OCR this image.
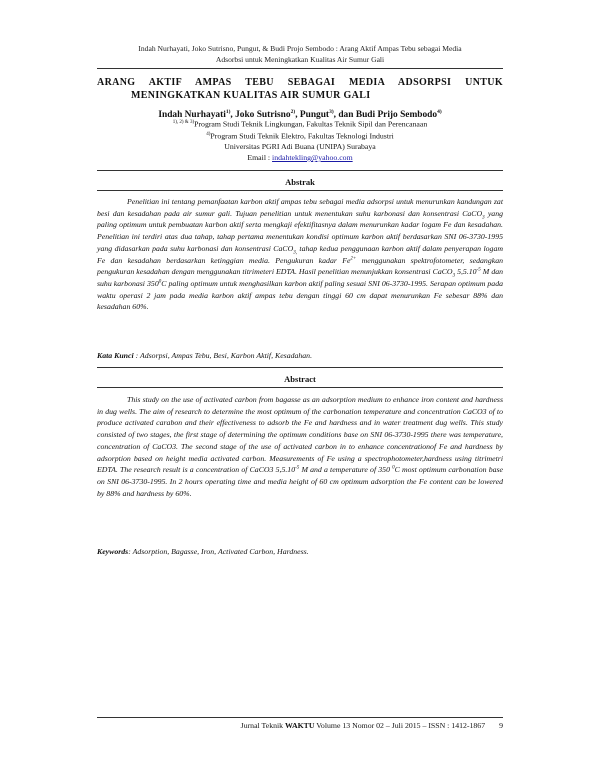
Indah Nurhayati, Joko Sutrisno, Pungut, & Budi Projo Sembodo : Arang Aktif Ampas Tebu sebagai Media
Adsorbsi untuk Meningkatkan Kualitas Air Sumur Gali
ARANG AKTIF AMPAS TEBU SEBAGAI MEDIA ADSORPSI UNTUK
MENINGKATKAN KUALITAS AIR SUMUR GALI
Indah Nurhayati$^{1)}$, Joko Sutrisno$^{2)}$, Pungut$^{3)}$, dan Budi Prijo Sembodo$^{4)}$
$^{1), 2) \& 3)}$Program Studi Teknik Lingkungan, Fakultas Teknik Sipil dan Perencanaan
$^{4)}$Program Studi Teknik Elektro, Fakultas Teknologi Industri
Universitas PGRI Adi Buana (UNIPA) Surabaya
Email : indahtekling@yahoo.com
Abstrak

Penelitian ini tentang pemanfaatan karbon aktif ampas tebu sebagai media adsorpsi untuk menurunkan kandungan zat besi dan kesadahan pada air sumur gali. Tujuan penelitian untuk menentukan suhu karbonasi dan konsentrasi CaCO$_3$ yang paling optimum untuk pembuatan karbon aktif serta mengkaji efektifitasnya dalam menurunkan kadar logam Fe dan kesadahan. Penelitian ini terdiri atas dua tahap, tahap pertama menentukan kondisi optimum karbon aktif berdasarkan SNI 06-3730-1995 yang didasarkan pada suhu karbonasi dan konsentrasi CaCO$_{3,}$ tahap kedua penggunaan karbon aktif dalam penyerapan logam Fe dan kesadahan berdasarkan ketinggian media. Pengukuran kadar $Fe^{2+}$ menggunakan spektrofotometer, sedangkan pengukuran kesadahan dengan menggunakan titrimeteri EDTA. Hasil penelitian menunjukkan konsentrasi CaCO$_3$ $5,5.10^{-5}$ M dan suhu karbonasi $350^0C$ paling optimum untuk menghasilkan karbon aktif paling sesuai SNI 06-3730-1995. Serapan optimum pada waktu operasi 2 jam pada media karbon aktif ampas tebu dengan tinggi 60 cm dapat menurunkan Fe sebesar 88% dan kesadahan 60%.

Kata Kunci : Adsorpsi, Ampas Tebu, Besi, Karbon Aktif, Kesadahan.
Abstract

This study on the use of activated carbon from bagasse as an adsorption medium to enhance iron content and hardness in dug wells. The aim of research to determine the most optimum of the carbonation temperature and concentration CaCO3 of to produce activated carabon and their effectiveness to adsorb the Fe and hardness and in water treatment dug wells. This study consisted of two stages, the first stage of determining the optimum conditions base on SNI 06-3730-1995 there was temperature, concentration of CaCO3. The second stage of the use of activated carbon in to enhance concentrationof Fe and hardness by adsorption based on height media activated carbon. Measurements of Fe using a spectrophotometer,hardness using titrimetri EDTA. The research result is a concentration of CaCO3 $5,5.10^{-5}$ M and a temperature of 350 $^0$C most optimum carbonation base on SNI 06-3730-1995. In 2 hours operating time and media height of 60 cm optimum adsorption the Fe content can be lowered by 88% and hardness by 60%.

Keywords: Adsorption, Bagasse, Iron, Activated Carbon, Hardness.
Jurnal Teknik WAKTU Volume 13 Nomor 02 – Juli 2015 – ISSN : 1412-1867 9
